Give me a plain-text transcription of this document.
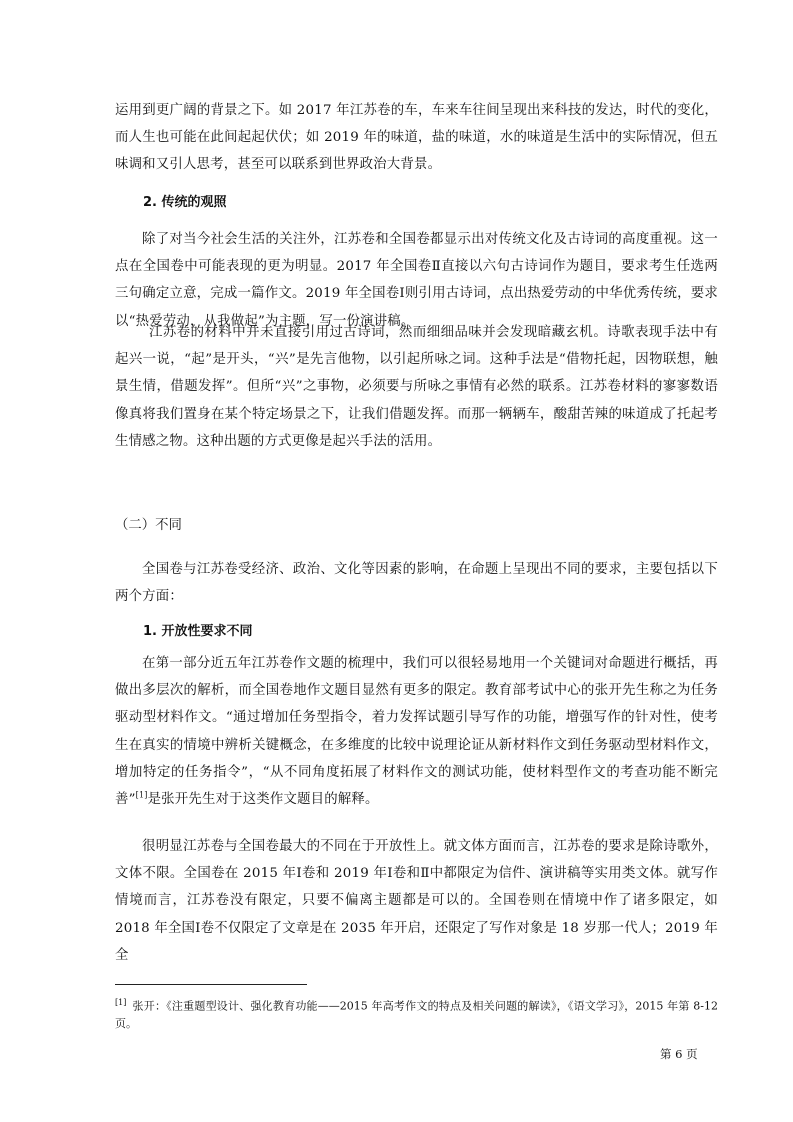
运用到更广阔的背景之下。如 2017 年江苏卷的车，车来车往间呈现出来科技的发达，时代的变化，而人生也可能在此间起起伏伏；如 2019 年的味道，盐的味道，水的味道是生活中的实际情况，但五味调和又引人思考，甚至可以联系到世界政治大背景。

2. 传统的观照

除了对当今社会生活的关注外，江苏卷和全国卷都显示出对传统文化及古诗词的高度重视。这一点在全国卷中可能表现的更为明显。2017 年全国卷Ⅱ直接以六句古诗词作为题目，要求考生任选两三句确定立意，完成一篇作文。2019 年全国卷Ⅰ则引用古诗词，点出热爱劳动的中华优秀传统，要求以“热爱劳动，从我做起”为主题，写一份演讲稿。

江苏卷的材料中并未直接引用过古诗词，然而细细品味并会发现暗藏玄机。诗歌表现手法中有起兴一说，“起”是开头，“兴”是先言他物，以引起所咏之词。这种手法是“借物托起，因物联想，触景生情，借题发挥”。但所“兴”之事物，必须要与所咏之事情有必然的联系。江苏卷材料的寥寥数语像真将我们置身在某个特定场景之下，让我们借题发挥。而那一辆辆车，酸甜苦辣的味道成了托起考生情感之物。这种出题的方式更像是起兴手法的活用。

（二）不同

全国卷与江苏卷受经济、政治、文化等因素的影响，在命题上呈现出不同的要求，主要包括以下两个方面：

1. 开放性要求不同

在第一部分近五年江苏卷作文题的梳理中，我们可以很轻易地用一个关键词对命题进行概括，再做出多层次的解析，而全国卷地作文题目显然有更多的限定。教育部考试中心的张开先生称之为任务驱动型材料作文。“通过增加任务型指令，着力发挥试题引导写作的功能，增强写作的针对性，使考生在真实的情境中辨析关键概念，在多维度的比较中说理论证从新材料作文到任务驱动型材料作文，增加特定的任务指令”，“从不同角度拓展了材料作文的测试功能，使材料型作文的考查功能不断完善”[1]是张开先生对于这类作文题目的解释。

很明显江苏卷与全国卷最大的不同在于开放性上。就文体方面而言，江苏卷的要求是除诗歌外，文体不限。全国卷在 2015 年Ⅰ卷和 2019 年Ⅰ卷和Ⅱ中都限定为信件、演讲稿等实用类文体。就写作情境而言，江苏卷没有限定，只要不偏离主题都是可以的。全国卷则在情境中作了诸多限定，如 2018 年全国Ⅰ卷不仅限定了文章是在 2035 年开启，还限定了写作对象是 18 岁那一代人；2019 年全

[1] 张开：《注重题型设计、强化教育功能——2015 年高考作文的特点及相关问题的解读》，《语文学习》，2015 年第 8-12 页。

第 6 页
